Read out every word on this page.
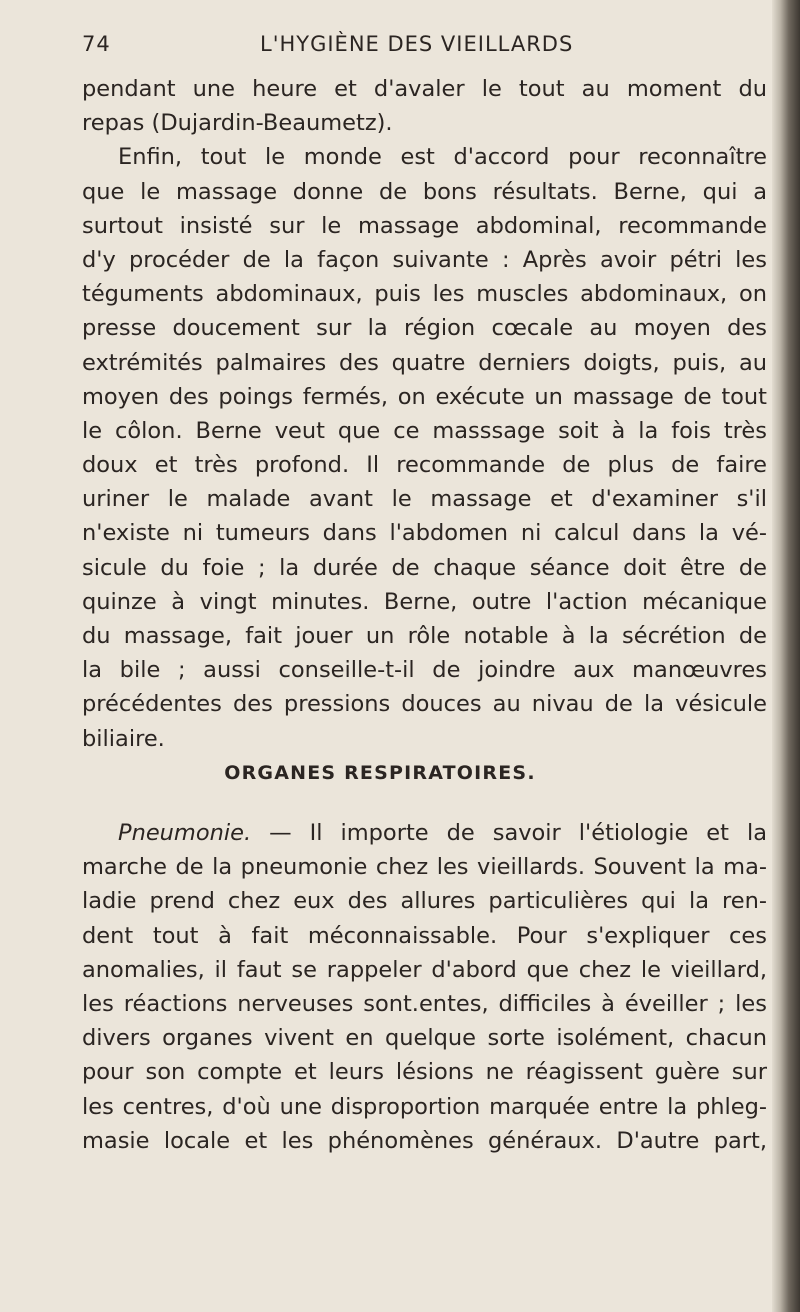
74	L'HYGIÈNE DES VIEILLARDS
pendant une heure et d'avaler le tout au moment du
repas (Dujardin-Beaumetz).
Enfin, tout le monde est d'accord pour reconnaître
que le massage donne de bons résultats. Berne, qui a
surtout insisté sur le massage abdominal, recommande
d'y procéder de la façon suivante : Après avoir pétri les
téguments abdominaux, puis les muscles abdominaux, on
presse doucement sur la région cœcale au moyen des
extrémités palmaires des quatre derniers doigts, puis, au
moyen des poings fermés, on exécute un massage de tout
le côlon. Berne veut que ce masssage soit à la fois très
doux et très profond. Il recommande de plus de faire
uriner le malade avant le massage et d'examiner s'il
n'existe ni tumeurs dans l'abdomen ni calcul dans la vé-
sicule du foie ; la durée de chaque séance doit être de
quinze à vingt minutes. Berne, outre l'action mécanique
du massage, fait jouer un rôle notable à la sécrétion de
la bile ; aussi conseille-t-il de joindre aux manœuvres
précédentes des pressions douces au nivau de la vésicule
biliaire.
ORGANES RESPIRATOIRES.
Pneumonie. — Il importe de savoir l'étiologie et la
marche de la pneumonie chez les vieillards. Souvent la ma-
ladie prend chez eux des allures particulières qui la ren-
dent tout à fait méconnaissable. Pour s'expliquer ces
anomalies, il faut se rappeler d'abord que chez le vieillard,
les réactions nerveuses sont.entes, difficiles à éveiller ; les
divers organes vivent en quelque sorte isolément, chacun
pour son compte et leurs lésions ne réagissent guère sur
les centres, d'où une disproportion marquée entre la phleg-
masie locale et les phénomènes généraux. D'autre part,
